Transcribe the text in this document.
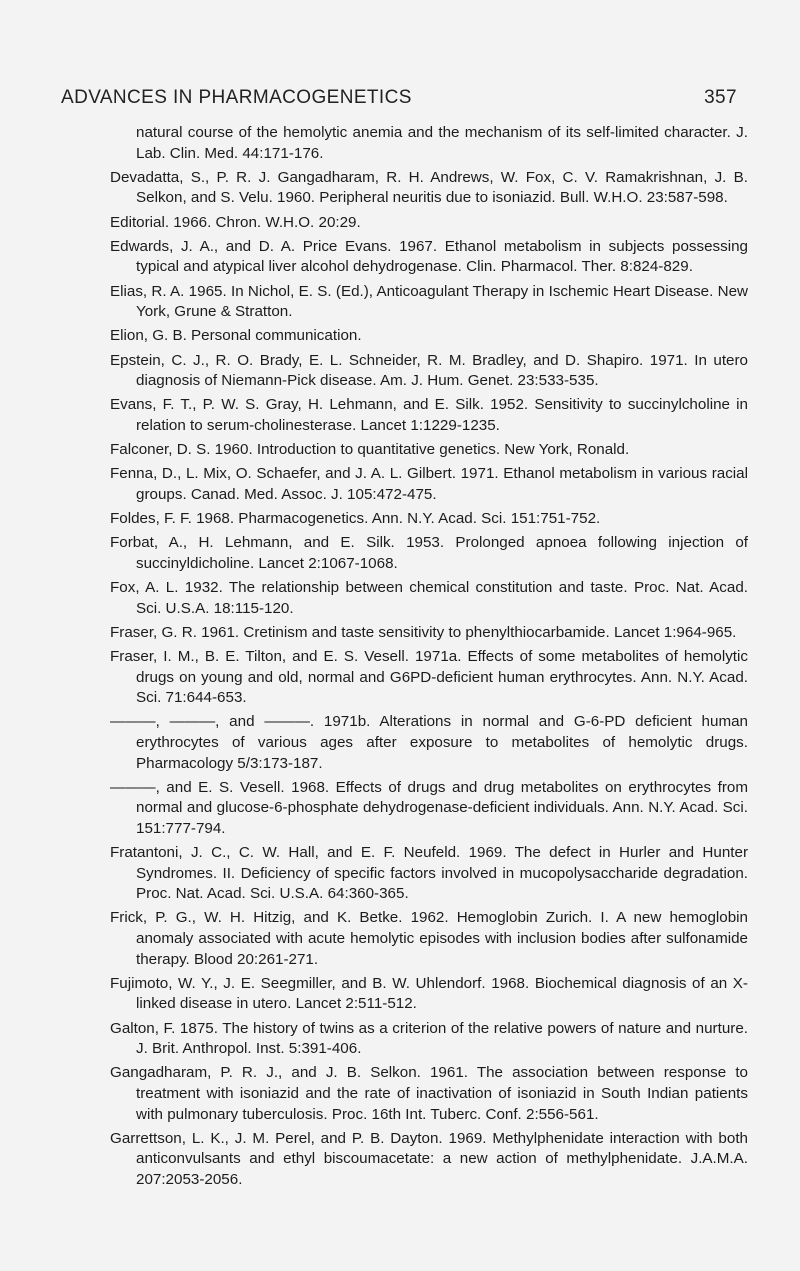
ADVANCES IN PHARMACOGENETICS	357

natural course of the hemolytic anemia and the mechanism of its self-limited character. J. Lab. Clin. Med. 44:171-176.

Devadatta, S., P. R. J. Gangadharam, R. H. Andrews, W. Fox, C. V. Ramakrishnan, J. B. Selkon, and S. Velu. 1960. Peripheral neuritis due to isoniazid. Bull. W.H.O. 23:587-598.

Editorial. 1966. Chron. W.H.O. 20:29.

Edwards, J. A., and D. A. Price Evans. 1967. Ethanol metabolism in subjects possessing typical and atypical liver alcohol dehydrogenase. Clin. Pharmacol. Ther. 8:824-829.

Elias, R. A. 1965. In Nichol, E. S. (Ed.), Anticoagulant Therapy in Ischemic Heart Disease. New York, Grune & Stratton.

Elion, G. B. Personal communication.

Epstein, C. J., R. O. Brady, E. L. Schneider, R. M. Bradley, and D. Shapiro. 1971. In utero diagnosis of Niemann-Pick disease. Am. J. Hum. Genet. 23:533-535.

Evans, F. T., P. W. S. Gray, H. Lehmann, and E. Silk. 1952. Sensitivity to succinylcholine in relation to serum-cholinesterase. Lancet 1:1229-1235.

Falconer, D. S. 1960. Introduction to quantitative genetics. New York, Ronald.

Fenna, D., L. Mix, O. Schaefer, and J. A. L. Gilbert. 1971. Ethanol metabolism in various racial groups. Canad. Med. Assoc. J. 105:472-475.

Foldes, F. F. 1968. Pharmacogenetics. Ann. N.Y. Acad. Sci. 151:751-752.

Forbat, A., H. Lehmann, and E. Silk. 1953. Prolonged apnoea following injection of succinyldicholine. Lancet 2:1067-1068.

Fox, A. L. 1932. The relationship between chemical constitution and taste. Proc. Nat. Acad. Sci. U.S.A. 18:115-120.

Fraser, G. R. 1961. Cretinism and taste sensitivity to phenylthiocarbamide. Lancet 1:964-965.

Fraser, I. M., B. E. Tilton, and E. S. Vesell. 1971a. Effects of some metabolites of hemolytic drugs on young and old, normal and G6PD-deficient human erythrocytes. Ann. N.Y. Acad. Sci. 71:644-653.

———, ———, and ———. 1971b. Alterations in normal and G-6-PD deficient human erythrocytes of various ages after exposure to metabolites of hemolytic drugs. Pharmacology 5/3:173-187.

———, and E. S. Vesell. 1968. Effects of drugs and drug metabolites on erythrocytes from normal and glucose-6-phosphate dehydrogenase-deficient individuals. Ann. N.Y. Acad. Sci. 151:777-794.

Fratantoni, J. C., C. W. Hall, and E. F. Neufeld. 1969. The defect in Hurler and Hunter Syndromes. II. Deficiency of specific factors involved in mucopolysaccharide degradation. Proc. Nat. Acad. Sci. U.S.A. 64:360-365.

Frick, P. G., W. H. Hitzig, and K. Betke. 1962. Hemoglobin Zurich. I. A new hemoglobin anomaly associated with acute hemolytic episodes with inclusion bodies after sulfonamide therapy. Blood 20:261-271.

Fujimoto, W. Y., J. E. Seegmiller, and B. W. Uhlendorf. 1968. Biochemical diagnosis of an X-linked disease in utero. Lancet 2:511-512.

Galton, F. 1875. The history of twins as a criterion of the relative powers of nature and nurture. J. Brit. Anthropol. Inst. 5:391-406.

Gangadharam, P. R. J., and J. B. Selkon. 1961. The association between response to treatment with isoniazid and the rate of inactivation of isoniazid in South Indian patients with pulmonary tuberculosis. Proc. 16th Int. Tuberc. Conf. 2:556-561.

Garrettson, L. K., J. M. Perel, and P. B. Dayton. 1969. Methylphenidate interaction with both anticonvulsants and ethyl biscoumacetate: a new action of methylphenidate. J.A.M.A. 207:2053-2056.
